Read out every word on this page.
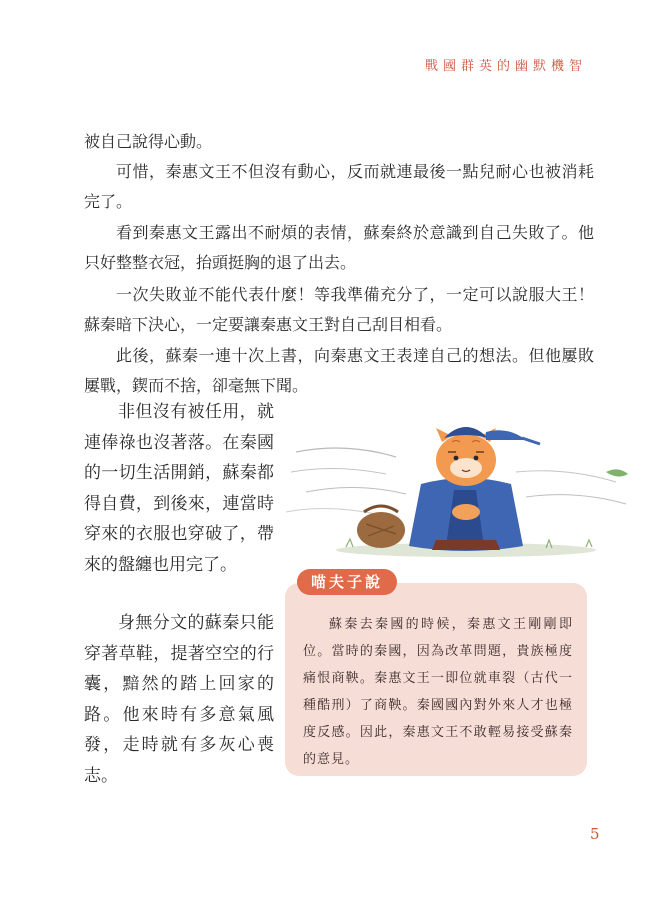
戰國群英的幽默機智

被自己說得心動。

可惜，秦惠文王不但沒有動心，反而就連最後一點兒耐心也被消耗完了。

看到秦惠文王露出不耐煩的表情，蘇秦終於意識到自己失敗了。他只好整整衣冠，抬頭挺胸的退了出去。

一次失敗並不能代表什麼！等我準備充分了，一定可以說服大王！蘇秦暗下決心，一定要讓秦惠文王對自己刮目相看。

此後，蘇秦一連十次上書，向秦惠文王表達自己的想法。但他屢敗屢戰，鍥而不捨，卻毫無下聞。

非但沒有被任用，就連俸祿也沒著落。在秦國的一切生活開銷，蘇秦都得自費，到後來，連當時穿來的衣服也穿破了，帶來的盤纏也用完了。

身無分文的蘇秦只能穿著草鞋，提著空空的行囊，黯然的踏上回家的路。他來時有多意氣風發，走時就有多灰心喪志。

喵夫子說

蘇秦去秦國的時候，秦惠文王剛剛即位。當時的秦國，因為改革問題，貴族極度痛恨商鞅。秦惠文王一即位就車裂（古代一種酷刑）了商鞅。秦國國內對外來人才也極度反感。因此，秦惠文王不敢輕易接受蘇秦的意見。

5
